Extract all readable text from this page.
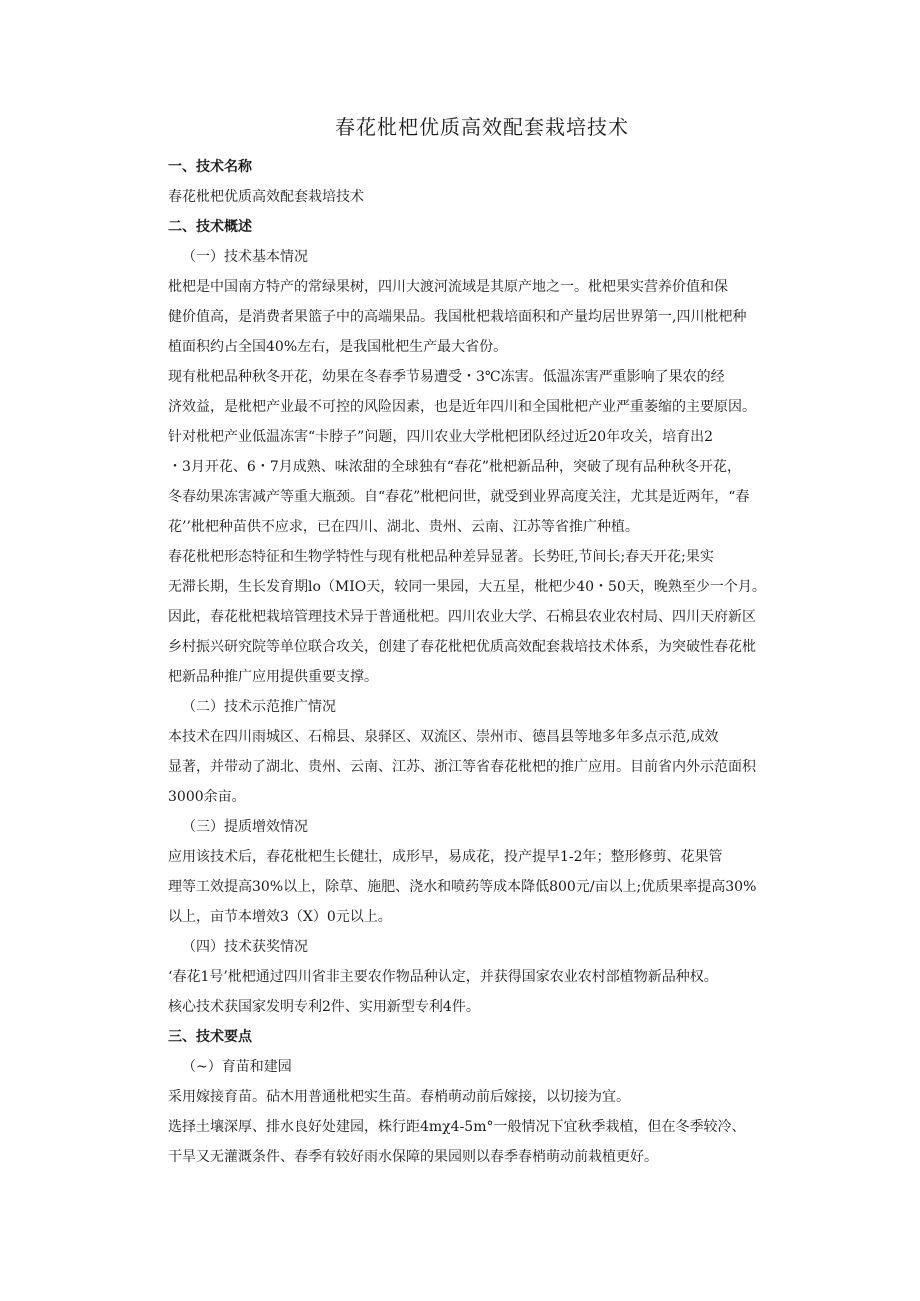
春花枇杷优质高效配套栽培技术
一、技术名称
春花枇杷优质高效配套栽培技术
二、技术概述
（一）技术基本情况
枇杷是中国南方特产的常绿果树，四川大渡河流域是其原产地之一。枇杷果实营养价值和保
健价值高，是消费者果篮子中的高端果品。我国枇杷栽培面积和产量均居世界第一,四川枇杷种
植面积约占全国40%左右，是我国枇杷生产最大省份。
现有枇杷品种秋冬开花，幼果在冬春季节易遭受・3℃冻害。低温冻害严重影响了果农的经
济效益，是枇杷产业最不可控的风险因素，也是近年四川和全国枇杷产业严重萎缩的主要原因。
针对枇杷产业低温冻害“卡脖子”问题，四川农业大学枇杷团队经过近20年攻关，培育出2
・3月开花、6・7月成熟、味浓甜的全球独有“春花”枇杷新品种，突破了现有品种秋冬开花，
冬春幼果冻害减产等重大瓶颈。自“春花”枇杷问世，就受到业界高度关注，尤其是近两年，“春
花’’枇杷种苗供不应求，已在四川、湖北、贵州、云南、江苏等省推广种植。
春花枇杷形态特征和生物学特性与现有枇杷品种差异显著。长势旺,节间长;春天开花;果实
无滞长期，生长发育期lo（MIO天，较同一果园，大五星，枇杷少40・50天，晚熟至少一个月。
因此，春花枇杷栽培管理技术异于普通枇杷。四川农业大学、石棉县农业农村局、四川天府新区
乡村振兴研究院等单位联合攻关，创建了春花枇杷优质高效配套栽培技术体系，为突破性春花枇
杷新品种推广应用提供重要支撑。
（二）技术示范推广情况
本技术在四川雨城区、石棉县、泉驿区、双流区、崇州市、德昌县等地多年多点示范,成效
显著，并带动了湖北、贵州、云南、江苏、浙江等省春花枇杷的推广应用。目前省内外示范面积
3000余亩。
（三）提质增效情况
应用该技术后，春花枇杷生长健壮，成形早，易成花，投产提早1-2年；整形修剪、花果管
理等工效提高30%以上，除草、施肥、浇水和喷药等成本降低800元/亩以上;优质果率提高30%
以上，亩节本增效3（X）0元以上。
（四）技术获奖情况
‘春花1号’枇杷通过四川省非主要农作物品种认定，并获得国家农业农村部植物新品种权。
核心技术获国家发明专利2件、实用新型专利4件。
三、技术要点
（~）育苗和建园
采用嫁接育苗。砧木用普通枇杷实生苗。春梢萌动前后嫁接，以切接为宜。
选择土壤深厚、排水良好处建园，株行距4mχ4-5m°一般情况下宜秋季栽植，但在冬季较冷、
干旱又无灌溉条件、春季有较好雨水保障的果园则以春季春梢萌动前栽植更好。
